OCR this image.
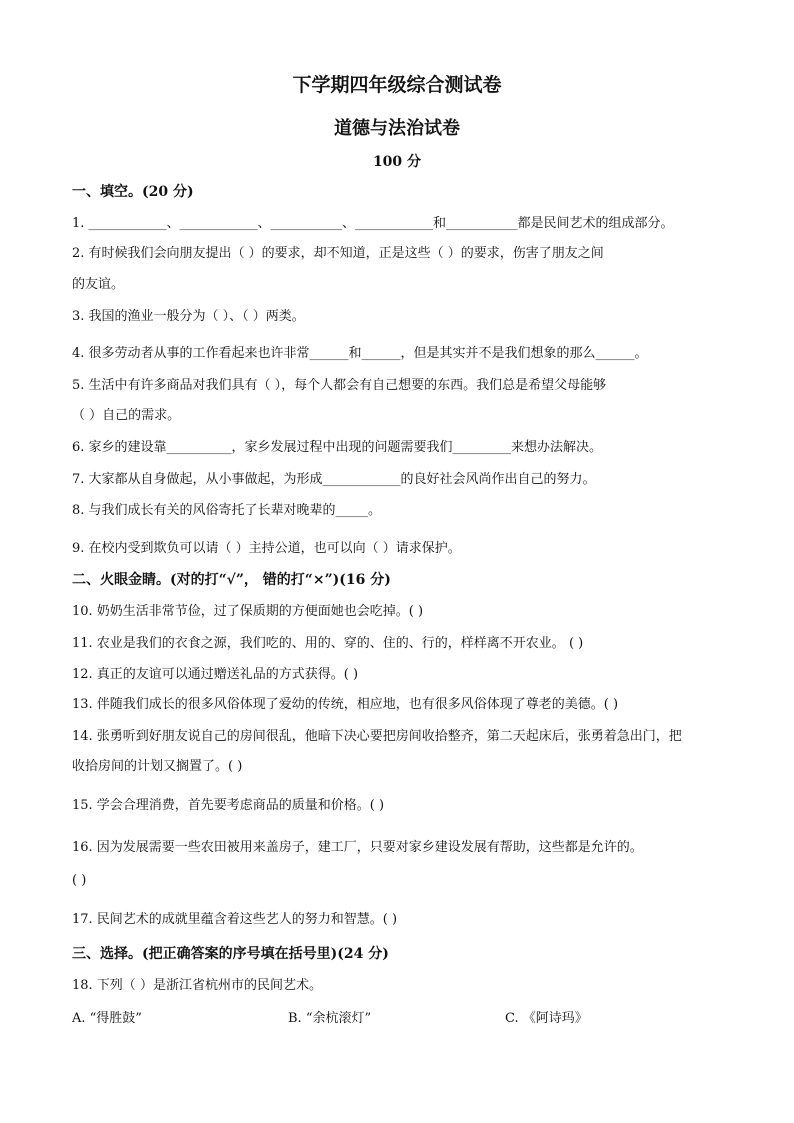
下学期四年级综合测试卷
道德与法治试卷
100 分
一、填空。(20 分)
1. ____________、____________、___________、____________和___________都是民间艺术的组成部分。
2. 有时候我们会向朋友提出（ ）的要求，却不知道，正是这些（ ）的要求，伤害了朋友之间
的友谊。
3. 我国的渔业一般分为（ ）、（ ）两类。
4. 很多劳动者从事的工作看起来也许非常______和______，但是其实并不是我们想象的那么______。
5. 生活中有许多商品对我们具有（ ），每个人都会有自己想要的东西。我们总是希望父母能够
（ ）自己的需求。
6. 家乡的建设靠__________，家乡发展过程中出现的问题需要我们_________来想办法解决。
7. 大家都从自身做起，从小事做起，为形成____________的良好社会风尚作出自己的努力。
8. 与我们成长有关的风俗寄托了长辈对晚辈的_____。
9. 在校内受到欺负可以请（ ）主持公道，也可以向（ ）请求保护。
二、火眼金睛。(对的打“√”， 错的打“×”)(16 分)
10. 奶奶生活非常节俭，过了保质期的方便面她也会吃掉。( )
11. 农业是我们的衣食之源，我们吃的、用的、穿的、住的、行的，样样离不开农业。 ( )
12. 真正的友谊可以通过赠送礼品的方式获得。( )
13. 伴随我们成长的很多风俗体现了爱幼的传统，相应地，也有很多风俗体现了尊老的美德。( )
14. 张勇听到好朋友说自己的房间很乱，他暗下决心要把房间收拾整齐，第二天起床后，张勇着急出门，把
收拾房间的计划又搁置了。( )
15. 学会合理消费，首先要考虑商品的质量和价格。( )
16. 因为发展需要一些农田被用来盖房子，建工厂，只要对家乡建设发展有帮助，这些都是允许的。
( )
17. 民间艺术的成就里蕴含着这些艺人的努力和智慧。( )
三、选择。(把正确答案的序号填在括号里)(24 分)
18. 下列（ ）是浙江省杭州市的民间艺术。
A. “得胜鼓”	B. “余杭滚灯”	C. 《阿诗玛》
